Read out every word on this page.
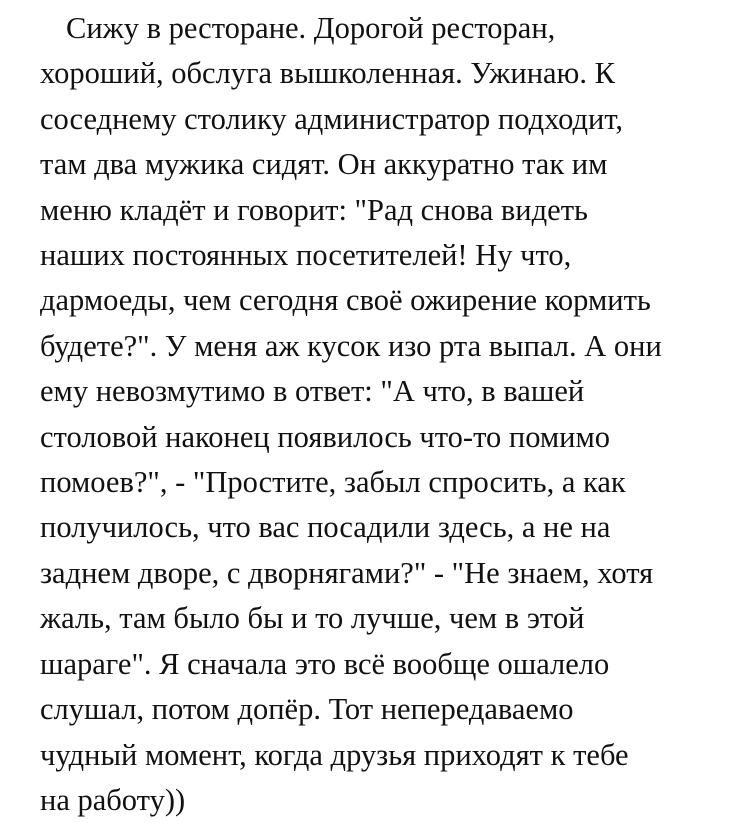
Сижу в ресторане. Дорогой ресторан,
хороший, обслуга вышколенная. Ужинаю. К
соседнему столику администратор подходит,
там два мужика сидят. Он аккуратно так им
меню кладёт и говорит: "Рад снова видеть
наших постоянных посетителей! Ну что,
дармоеды, чем сегодня своё ожирение кормить
будете?". У меня аж кусок изо рта выпал. А они
ему невозмутимо в ответ: "А что, в вашей
столовой наконец появилось что-то помимо
помоев?", - "Простите, забыл спросить, а как
получилось, что вас посадили здесь, а не на
заднем дворе, с дворнягами?" - "Не знаем, хотя
жаль, там было бы и то лучше, чем в этой
шараге". Я сначала это всё вообще ошалело
слушал, потом допёр. Тот непередаваемо
чудный момент, когда друзья приходят к тебе
на работу))
